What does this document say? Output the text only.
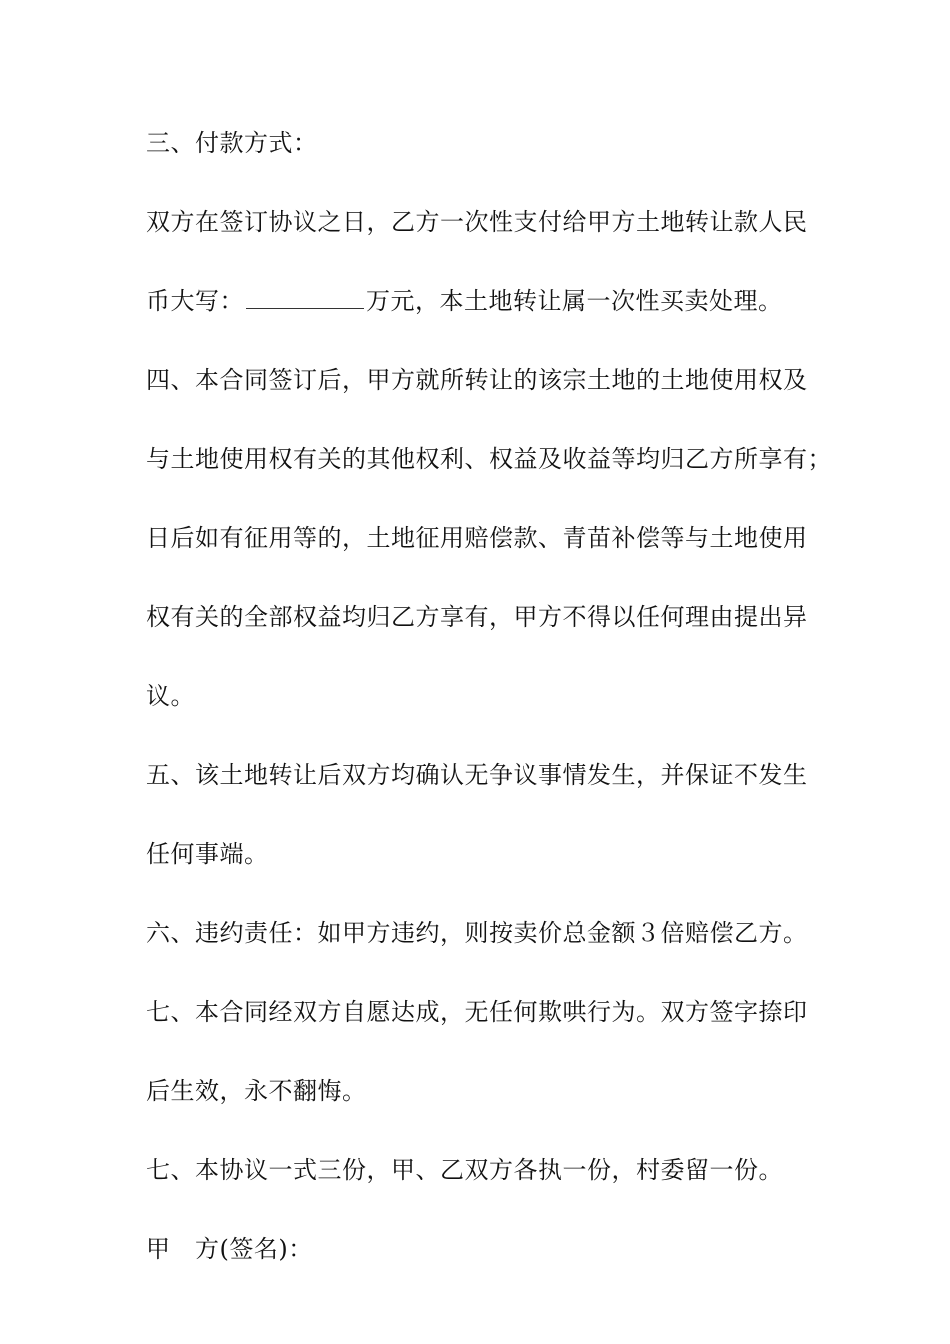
三、付款方式：

双方在签订协议之日，乙方一次性支付给甲方土地转让款人民

币大写：	万元，本土地转让属一次性买卖处理。

四、本合同签订后，甲方就所转让的该宗土地的土地使用权及

与土地使用权有关的其他权利、权益及收益等均归乙方所享有；

日后如有征用等的，土地征用赔偿款、青苗补偿等与土地使用

权有关的全部权益均归乙方享有，甲方不得以任何理由提出异

议。

五、该土地转让后双方均确认无争议事情发生，并保证不发生

任何事端。

六、违约责任：如甲方违约，则按卖价总金额３倍赔偿乙方。

七、本合同经双方自愿达成，无任何欺哄行为。双方签字捺印

后生效，永不翻悔。

七、本协议一式三份，甲、乙双方各执一份，村委留一份。

甲　方(签名)：
